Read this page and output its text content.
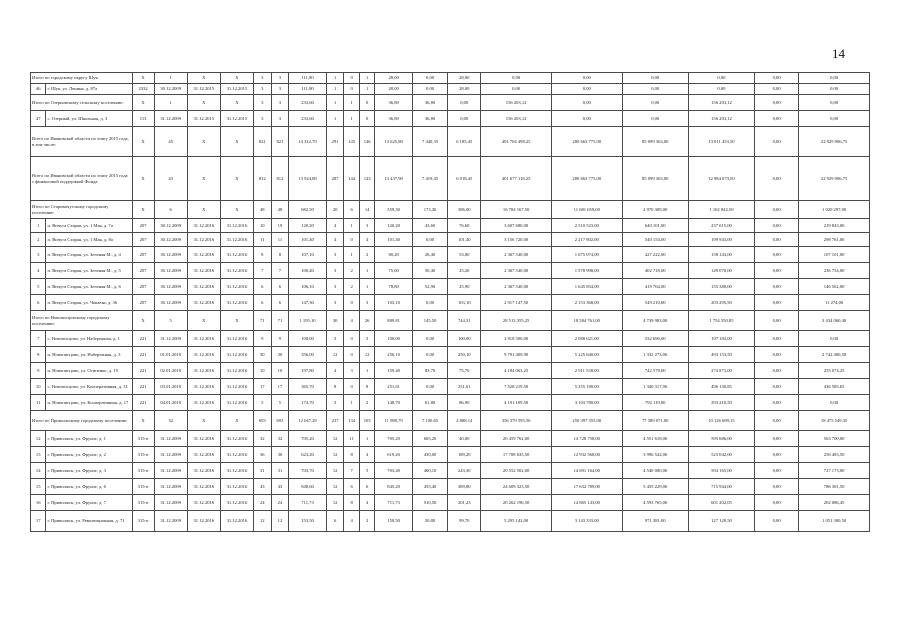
14
Итого по городскому округу Шуя:		X	1	X	X	3	3	111,80	1	0	1	28,00	0,00	28,00	0,00	0,00	0,00	0,00	0,00	0,00
46	г. Шуя, ул. Ленина, д. 87а	2332	30.12.2009	31.12.2015	31.12.2015	3	3	111,80	1	0	1	28,00	0,00	28,00	0,00	0,00	0,00	0,00	0,00	0,00
Итого по Озерновскому сельскому поселению:		X	1	X	X	3	3	233,60	1	1	0	36,80	36,80	0,00	156 203,12	0,00	0,00	156 203,12	0,00	0,00
47	с. Озерный, ул. Школьная, д. 3	113	31.12.2009	31.12.2015	31.12.2015	3	3	233,60	1	1	0	36,80	36,80	0,00	156 203,12	0,00	0,00	156 203,12	0,00	0,00
Всего по Ивановской области по этапу 2015 года, в том числе:		X	45	X	X	821	821	14 312,79	291	145	146	13 625,80	7 440,35	6 185,45	401 704 498,25	280 663 775,00	85 099 363,00	13 011 453,50	0,00	22 929 906,75
Всего по Ивановской области по этапу 2015 года с финансовой поддержкой Фонда		X	43	X	X	812	812	13 924,89	287	144	143	13 437,90	7 419,45	6 018,45	401 677 118,25	280 663 775,00	85 099 363,00	12 984 073,50	0,00	22 929 906,75
Итого по Старовичугскому городскому поселению		X	6	X	X	48	48	682,50	20	6	14	559,30	173,30	386,00	16 784 167,50	11 681 659,00	2 970 309,00	1 102 842,50	0,00	1 020 297,00
1	п. Вичуга Старая, ул. 1 Мая, д. 7а	207	30.12.2009	31.12.2016	31.12.2016	10	19	120,20	4	1	3	120,20	43,60	76,60	3 607 680,00	2 510 523,00	640 101,00	237 015,00	0,00	219 843,00
2	п. Вичуга Старая, ул. 1 Мая, д. 8а	207	30.12.2009	31.12.2016	31.12.2016	11	11	101,40	4	0	4	101,40	0,00	101,40	3 156 720,00	2 217 802,00	540 154,00	199 943,00	0,00	298 761,00
3	п. Вичуга Старая, ул. Зеленая М., д. 4	207	30.12.2009	31.12.2016	31.12.2016	8	8	107,10	3	1	2	80,20	26,40	53,80	2 367 540,00	1 675 074,00	427 222,00	158 143,00	0,00	107 101,00
4	п. Вичуга Старая, ул. Зеленая М., д. 5	207	30.12.2009	31.12.2016	31.12.2016	7	7	100,40	3	2	1	75,60	50,40	25,20	2 367 540,00	1 578 998,00	402 718,00	149 070,00	0,00	236 754,00
5	п. Вичуга Старая, ул. Зеленая М., д. 6	207	30.12.2009	31.12.2016	31.12.2016	6	6	106,10	3	2	1	78,80	52,90	25,90	2 367 540,00	1 645 834,00	419 764,00	155 380,00	0,00	146 562,00
6	п. Вичуга Старая, ул. Чапаева, д. 36	207	30.12.2009	31.12.2016	31.12.2016	6	6	147,30	3	0	3	103,10	0,00	103,10	2 917 147,50	2 153 368,00	549 210,00	203 295,50	0,00	11 274,00
Итого по Новописцовскому городскому поселению:		X	5	X	X	71	71	1 195,10	30	4	26	889,81	145,50	744,31	28 513 355,25	18 584 761,00	4 739 983,00	1 754 550,85	0,00	3 434 060,40
7	с. Новописцово, ул. Набережная, д. 1	221	31.12.2009	31.12.2016	31.12.2016	9	9	100,00	3	0	3	100,00	0,00	100,00	2 818 500,00	2 088 621,00	532 696,00	197 183,00	0,00	0,00
8	п. Новописцово, ул. Набережная, д. 3	221	01.01.2010	31.12.2016	31.12.2016	30	30	356,00	12	0	12	250,10	0,00	250,10	9 791 409,90	5 225 640,00	1 332 273,00	493 153,50	0,00	2 742 400,50
9	п. Новописцово, ул. Осипенко, д. 19	221	02.01.2010	31.12.2016	31.12.2016	10	10	197,80	4	3	1	159,40	83,70	75,70	4 184 063,25	2 911 538,00	742 578,00	274 873,00	0,00	255 074,25
10	с. Новописцово, ул. Кооперативная, д. 31	221	03.01.2010	31.12.2016	31.12.2016	17	17	365,70	8	0	8	251,61	0,00	251,61	7 528 219,50	5 255 180,00	1 340 317,00	496 130,85	0,00	436 585,65
11	п. Новописцово, ул. Кооперативная, д. 17	221	04.01.2010	31.12.2016	31.12.2016	5	5	174,70	3	1	2	148,70	61,80	86,90	4 191 109,50	3 103 780,00	792 119,00	293 210,50	0,00	0,00
Итого по Приволжскому городскому поселению:		X	32	X	X	693	693	12 047,29	237	134	103	11 988,79	7 100,65	4 888,14	356 379 595,50	250 397 355,00	77 389 071,00	10 126 689,15	0,00	18 475 549,35
12	г. Приволжск, ул. Фрунзе, д. 1	315-п	31.12.2009	31.12.2016	31.12.2016	32	32	705,20	12	11	1	705,20	665,20	40,00	20 459 762,00	14 728 758,00	4 551 618,00	595 686,00	0,00	563 700,00
13	г. Приволжск, ул. Фрунзе, д. 2	315-п	31.12.2009	31.12.2016	31.12.2016	36	36	623,20	12	8	4	619,20	430,00	189,20	17 708 635,50	12 932 568,00	3 996 542,00	523 042,00	0,00	256 483,50
14	г. Приволжск, ул. Фрунзе, д. 3	315-п	31.12.2009	31.12.2016	31.12.2016	31	31	703,70	12	7	5	703,40	460,10	243,30	20 552 502,00	14 691 164,00	4 540 000,00	594 165,00	0,00	727 173,00
15	г. Приволжск, ул. Фрунзе, д. 6	315-п	31.12.2009	31.12.2016	31.12.2016	43	43	848,60	12	6	6	845,20	455,40	389,80	24 609 323,50	17 632 789,00	5 455 229,00	715 944,00	0,00	786 361,50
16	г. Приволжск, ул. Фрунзе, д. 7	315-п	31.12.2009	31.12.2016	31.12.2016	24	24	711,73	12	8	4	711,73	510,50	201,23	20 262 196,50	14 865 143,00	4 593 765,00	601 202,05	0,00	202 086,45
17	г. Приволжск, ул. Революционная, д. 71	315-п	31.12.2009	31.12.2016	31.12.2016	12	12	153,50	6	4	2	150,50	50,80	99,70	5 295 142,00	3 143 333,00	971 381,00	127 128,50	0,00	1 051 300,50
